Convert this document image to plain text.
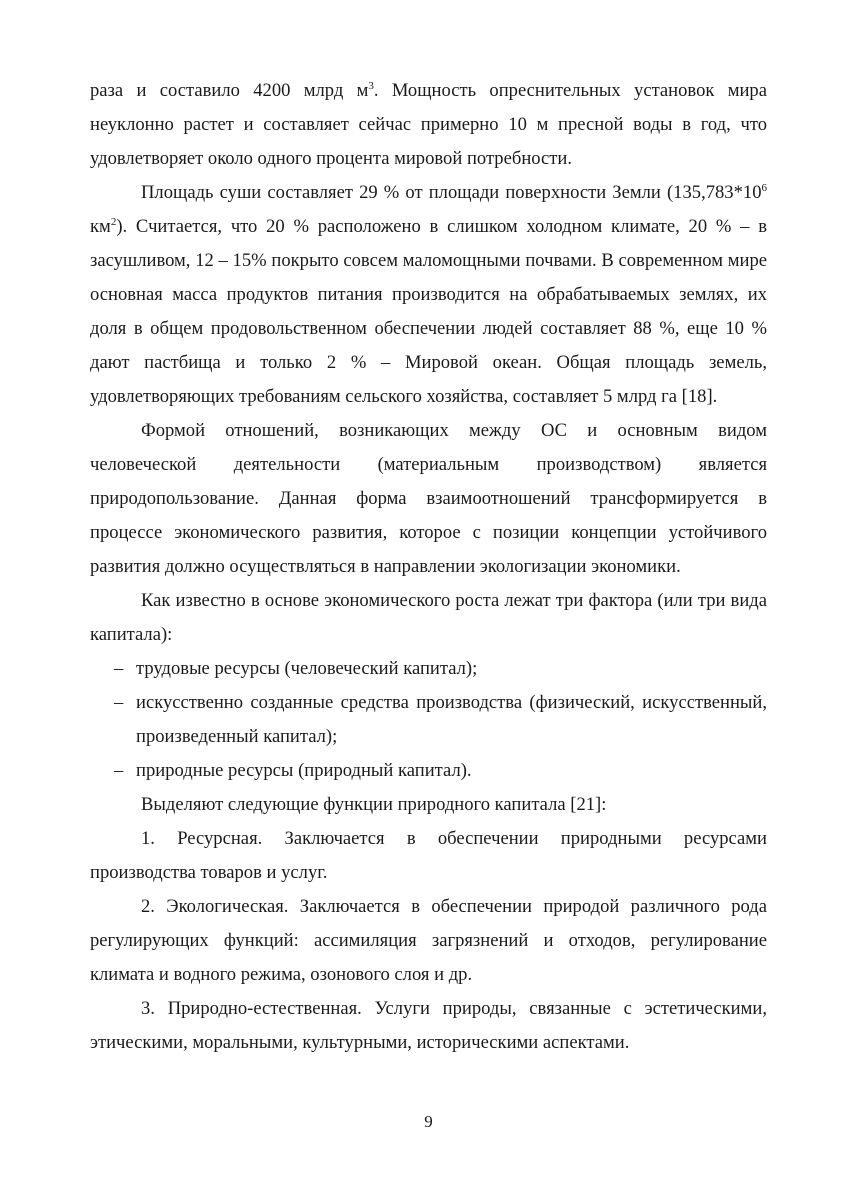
раза и составило 4200 млрд $м^3$. Мощность опреснительных установок мира неуклонно растет и составляет сейчас примерно 10 м пресной воды в год, что удовлетворяет около одного процента мировой потребности.

Площадь суши составляет 29 % от площади поверхности Земли ($135,783*10^6$ $км^2$). Считается, что 20 % расположено в слишком холодном климате, 20 % – в засушливом, 12 – 15% покрыто совсем маломощными почвами. В современном мире основная масса продуктов питания производится на обрабатываемых землях, их доля в общем продовольственном обеспечении людей составляет 88 %, еще 10 % дают пастбища и только 2 % – Мировой океан. Общая площадь земель, удовлетворяющих требованиям сельского хозяйства, составляет 5 млрд га [18].

Формой отношений, возникающих между ОС и основным видом человеческой деятельности (материальным производством) является природопользование. Данная форма взаимоотношений трансформируется в процессе экономического развития, которое с позиции концепции устойчивого развития должно осуществляться в направлении экологизации экономики.

Как известно в основе экономического роста лежат три фактора (или три вида капитала):

– трудовые ресурсы (человеческий капитал);

– искусственно созданные средства производства (физический, искусственный, произведенный капитал);

– природные ресурсы (природный капитал).

Выделяют следующие функции природного капитала [21]:

1. Ресурсная. Заключается в обеспечении природными ресурсами производства товаров и услуг.

2. Экологическая. Заключается в обеспечении природой различного рода регулирующих функций: ассимиляция загрязнений и отходов, регулирование климата и водного режима, озонового слоя и др.

3. Природно-естественная. Услуги природы, связанные с эстетическими, этическими, моральными, культурными, историческими аспектами.

9
